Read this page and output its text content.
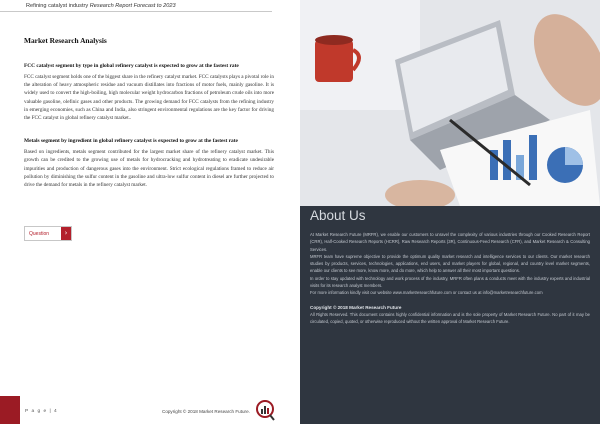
Refining catalyst industry Research Report Forecast to 2023
Market Research Analysis
FCC catalyst segment by type in global refinery catalyst is expected to grow at the fastest rate
FCC catalyst segment holds one of the biggest share in the refinery catalyst market. FCC catalysts plays a pivotal role in the alteration of heavy atmospheric residue and vacuum distillates into fractions of motor fuels, mainly gasoline. It is widely used to convert the high-boiling, high molecular weight hydrocarbon fractions of petroleum crude oils into more valuable gasoline, olefinic gases and other products. The growing demand for FCC catalysts from the refining industry in emerging economies, such as China and India, also stringent environmental regulations are the key factor for driving the FCC catalyst in global refinery catalyst market..
Metals segment by ingredient in global refinery catalyst is expected to grow at the fastest rate
Based on ingredients, metals segment contributed for the largest market share of the refinery catalyst market. This growth can be credited to the growing use of metals for hydrocracking and hydrotreating to eradicate undesirable impurities and production of dangerous gases into the environment. Strict ecological regulations framed to reduce air pollution by diminishing the sulfur content in the gasoline and ultra-low sulfur content in diesel are further projected to drive the demand for metals in the refinery catalyst market.
Question	›
P a g e | 4	Copyright © 2018 Market Research Future.
About Us

At Market Research Future (MRFR), we enable our customers to unravel the complexity of various industries through our Cooked Research Report (CRR), Half-Cooked Research Reports (HCRR), Raw Research Reports (3R), Continuous-Feed Research (CFR), and Market Research & Consulting Services.

MRFR team have supreme objective to provide the optimum quality market research and intelligence services to our clients. Our market research studies by products, services, technologies, applications, end users, and market players for global, regional, and country level market segments, enable our clients to see more, know more, and do more, which help to answer all their most important questions.

In order to stay updated with technology and work process of the industry, MRFR often plans & conducts meet with the industry experts and industrial visits for its research analyst members.

For more information kindly visit our website www.marketresearchfuture.com or contact us at info@marketresearchfuture.com

Copyright © 2018 Market Research Future

All Rights Reserved. This document contains highly confidential information and is the sole property of Market Research Future. No part of it may be circulated, copied, quoted, or otherwise reproduced without the written approval of Market Research Future.
